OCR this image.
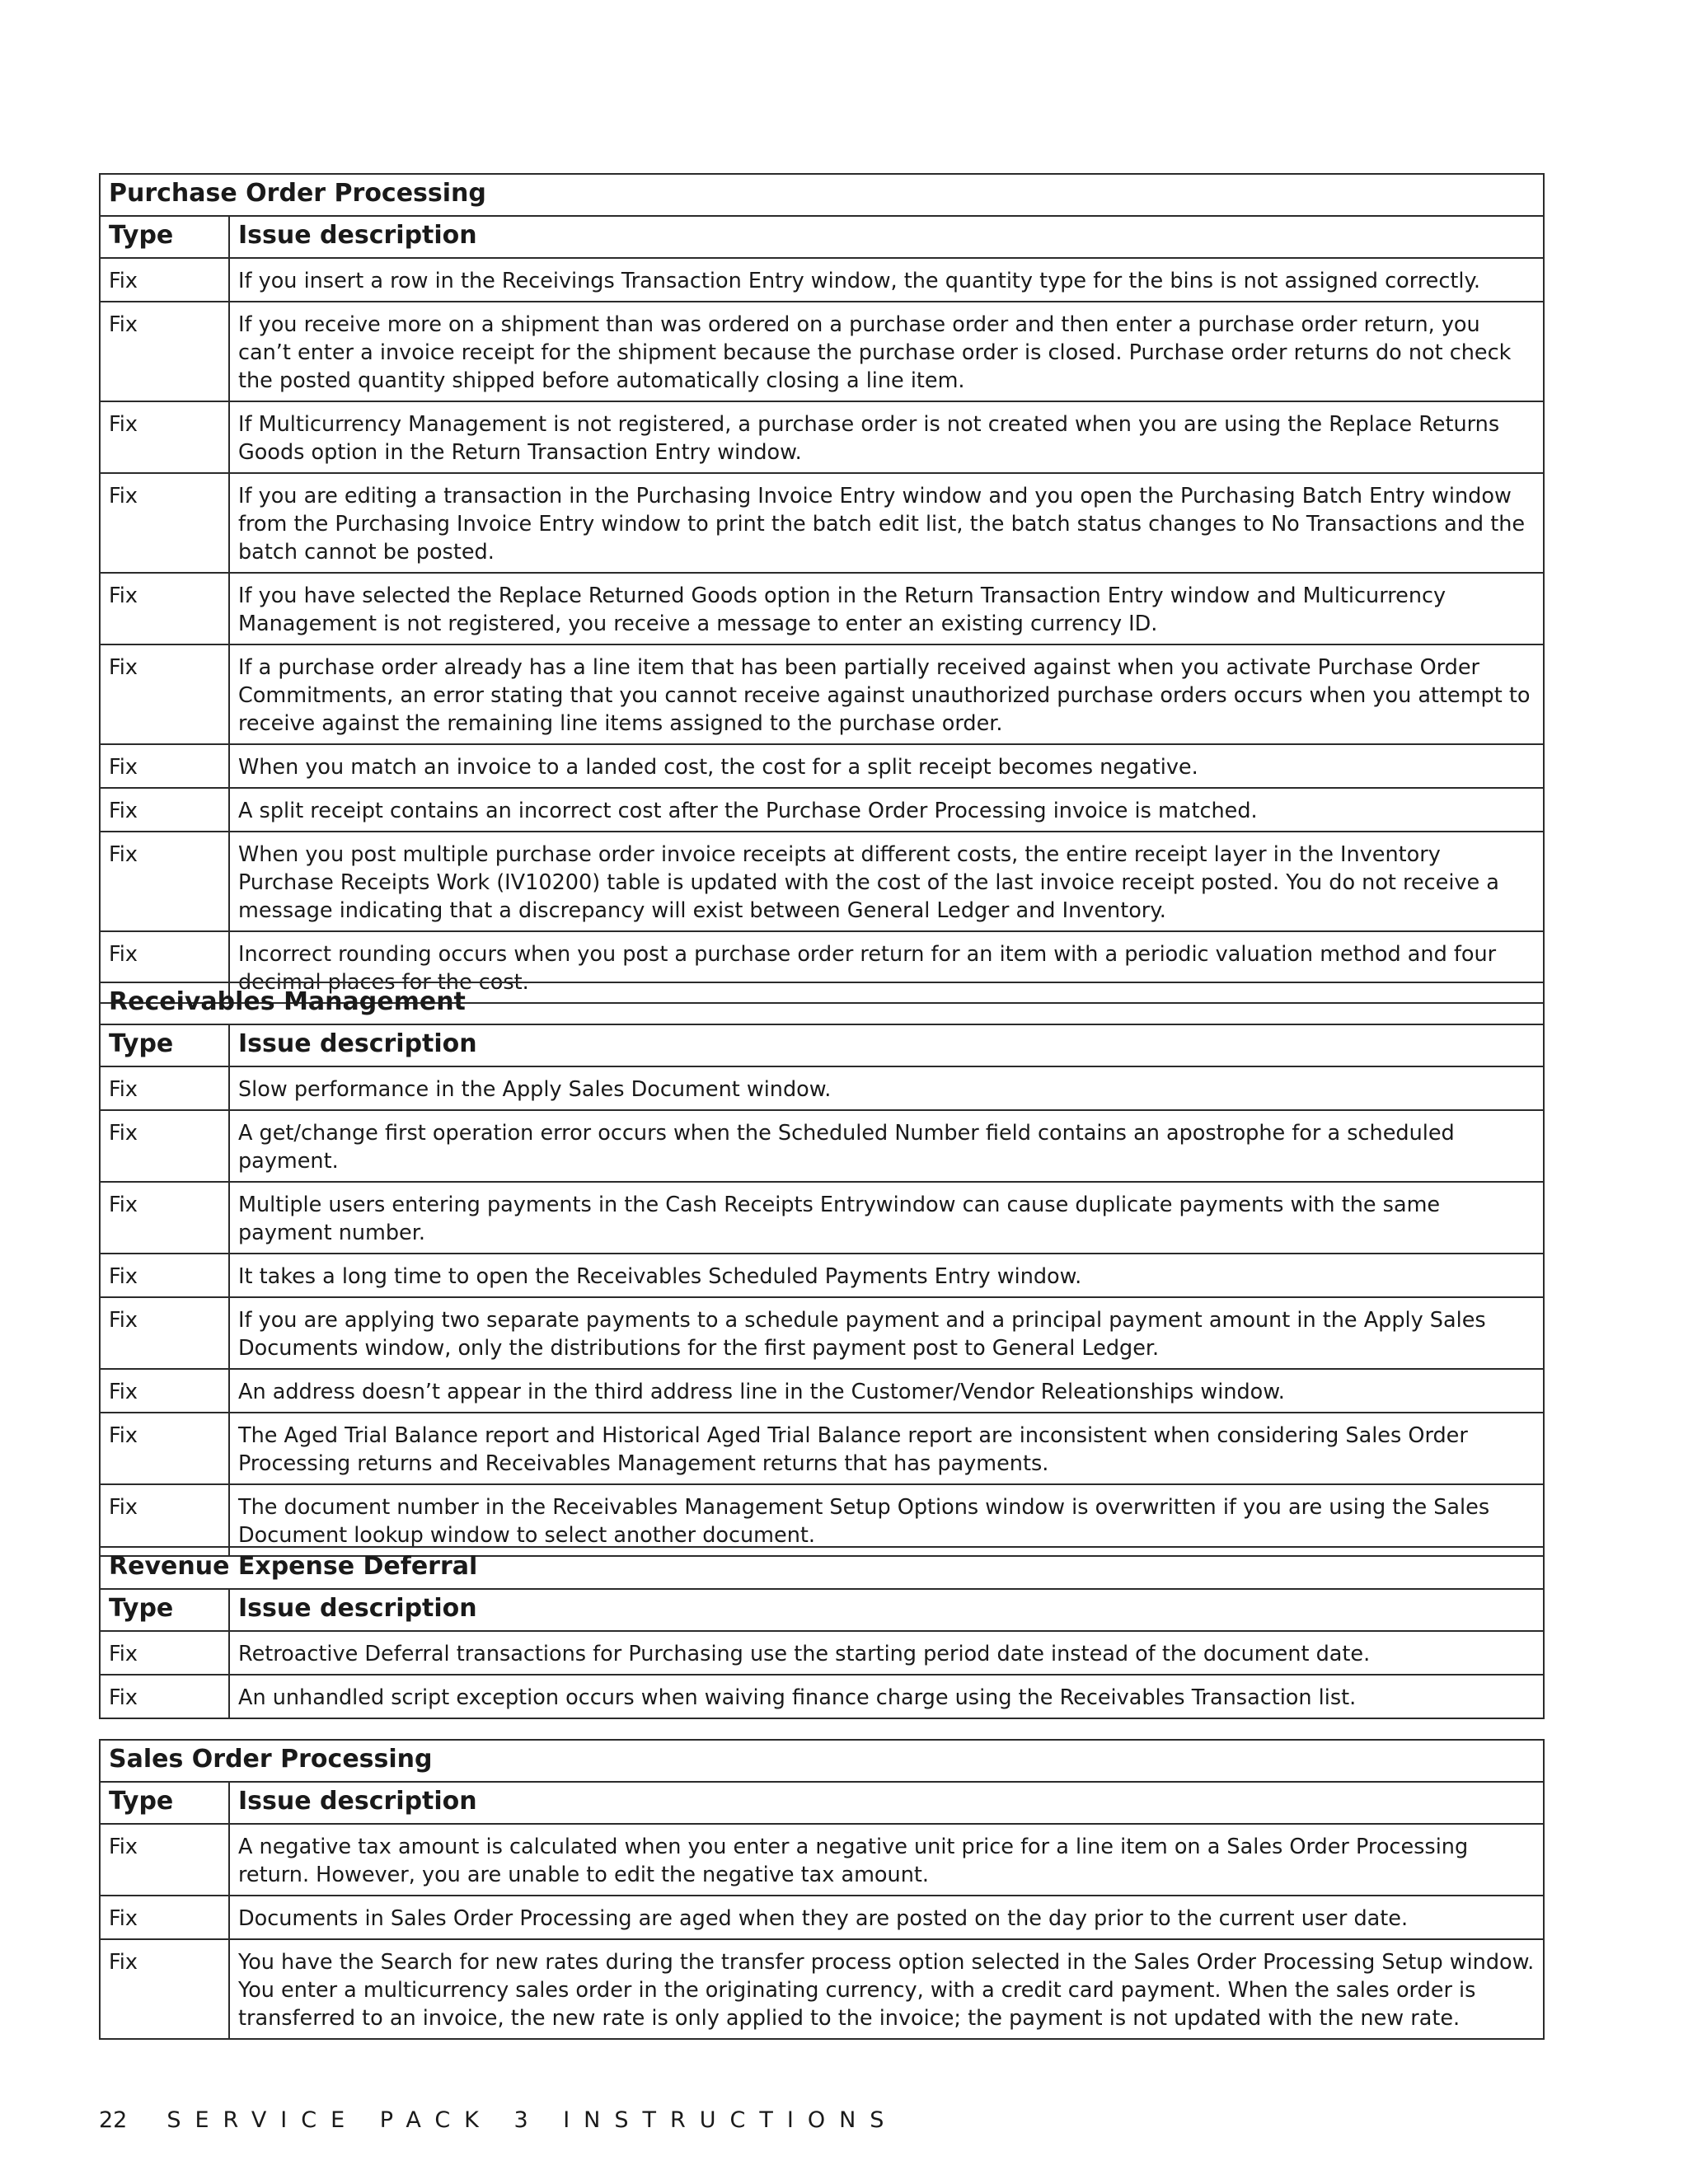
Purchase Order Processing	
Type	Issue description
Fix	If you insert a row in the Receivings Transaction Entry window, the quantity type for the bins is not assigned correctly.
Fix	If you receive more on a shipment than was ordered on a purchase order and then enter a purchase order return, you can’t enter a invoice receipt for the shipment because the purchase order is closed. Purchase order returns do not check the posted quantity shipped before automatically closing a line item.
Fix	If Multicurrency Management is not registered, a purchase order is not created when you are using the Replace Returns Goods option in the Return Transaction Entry window.
Fix	If you are editing a transaction in the Purchasing Invoice Entry window and you open the Purchasing Batch Entry window from the Purchasing Invoice Entry window to print the batch edit list, the batch status changes to No Transactions and the batch cannot be posted.
Fix	If you have selected the Replace Returned Goods option in the Return Transaction Entry window and Multicurrency Management is not registered, you receive a message to enter an existing currency ID.
Fix	If a purchase order already has a line item that has been partially received against when you activate Purchase Order Commitments, an error stating that you cannot receive against unauthorized purchase orders occurs when you attempt to receive against the remaining line items assigned to the purchase order.
Fix	When you match an invoice to a landed cost, the cost for a split receipt becomes negative.
Fix	A split receipt contains an incorrect cost after the Purchase Order Processing invoice is matched.
Fix	When you post multiple purchase order invoice receipts at different costs, the entire receipt layer in the Inventory Purchase Receipts Work (IV10200) table is updated with the cost of the last invoice receipt posted. You do not receive a message indicating that a discrepancy will exist between General Ledger and Inventory.
Fix	Incorrect rounding occurs when you post a purchase order return for an item with a periodic valuation method and four decimal places for the cost.
Receivables Management	
Type	Issue description
Fix	Slow performance in the Apply Sales Document window.
Fix	A get/change first operation error occurs when the Scheduled Number field contains an apostrophe for a scheduled payment.
Fix	Multiple users entering payments in the Cash Receipts Entrywindow can cause duplicate payments with the same payment number.
Fix	It takes a long time to open the Receivables Scheduled Payments Entry window.
Fix	If you are applying two separate payments to a schedule payment and a principal payment amount in the Apply Sales Documents window, only the distributions for the first payment post to General Ledger.
Fix	An address doesn’t appear in the third address line in the Customer/Vendor Releationships window.
Fix	The Aged Trial Balance report and Historical Aged Trial Balance report are inconsistent when considering Sales Order Processing returns and Receivables Management returns that has payments.
Fix	The document number in the Receivables Management Setup Options window is overwritten if you are using the Sales Document lookup window to select another document.
Revenue Expense Deferral	
Type	Issue description
Fix	Retroactive Deferral transactions for Purchasing use the starting period date instead of the document date.
Fix	An unhandled script exception occurs when waiving finance charge using the Receivables Transaction list.
Sales Order Processing	
Type	Issue description
Fix	A negative tax amount is calculated when you enter a negative unit price for a line item on a Sales Order Processing return. However, you are unable to edit the negative tax amount.
Fix	Documents in Sales Order Processing are aged when they are posted on the day prior to the current user date.
Fix	You have the Search for new rates during the transfer process option selected in the Sales Order Processing Setup window. You enter a multicurrency sales order in the originating currency, with a credit card payment. When the sales order is transferred to an invoice, the new rate is only applied to the invoice; the payment is not updated with the new rate.
22 SERVICE PACK 3 INSTRUCTIONS
